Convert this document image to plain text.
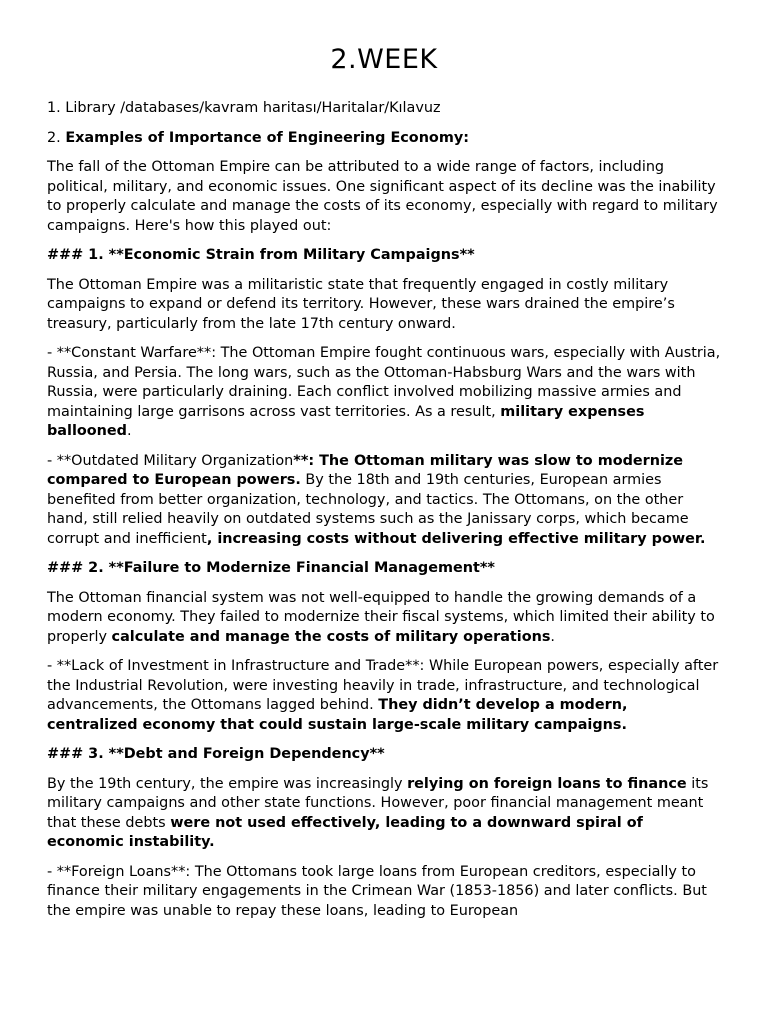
2.WEEK

1. Library /databases/kavram haritası/Haritalar/Kılavuz

2. Examples of Importance of Engineering Economy:

The fall of the Ottoman Empire can be attributed to a wide range of factors, including political, military, and economic issues. One significant aspect of its decline was the inability to properly calculate and manage the costs of its economy, especially with regard to military campaigns. Here's how this played out:

### 1. **Economic Strain from Military Campaigns**

The Ottoman Empire was a militaristic state that frequently engaged in costly military campaigns to expand or defend its territory. However, these wars drained the empire’s treasury, particularly from the late 17th century onward.

- **Constant Warfare**: The Ottoman Empire fought continuous wars, especially with Austria, Russia, and Persia. The long wars, such as the Ottoman-Habsburg Wars and the wars with Russia, were particularly draining. Each conflict involved mobilizing massive armies and maintaining large garrisons across vast territories. As a result, military expenses ballooned.

- **Outdated Military Organization**: The Ottoman military was slow to modernize compared to European powers. By the 18th and 19th centuries, European armies benefited from better organization, technology, and tactics. The Ottomans, on the other hand, still relied heavily on outdated systems such as the Janissary corps, which became corrupt and inefficient, increasing costs without delivering effective military power.

### 2. **Failure to Modernize Financial Management**

The Ottoman financial system was not well-equipped to handle the growing demands of a modern economy. They failed to modernize their fiscal systems, which limited their ability to properly calculate and manage the costs of military operations.

- **Lack of Investment in Infrastructure and Trade**: While European powers, especially after the Industrial Revolution, were investing heavily in trade, infrastructure, and technological advancements, the Ottomans lagged behind. They didn’t develop a modern, centralized economy that could sustain large-scale military campaigns.

### 3. **Debt and Foreign Dependency**

By the 19th century, the empire was increasingly relying on foreign loans to finance its military campaigns and other state functions. However, poor financial management meant that these debts were not used effectively, leading to a downward spiral of economic instability.

- **Foreign Loans**: The Ottomans took large loans from European creditors, especially to finance their military engagements in the Crimean War (1853-1856) and later conflicts. But the empire was unable to repay these loans, leading to European
